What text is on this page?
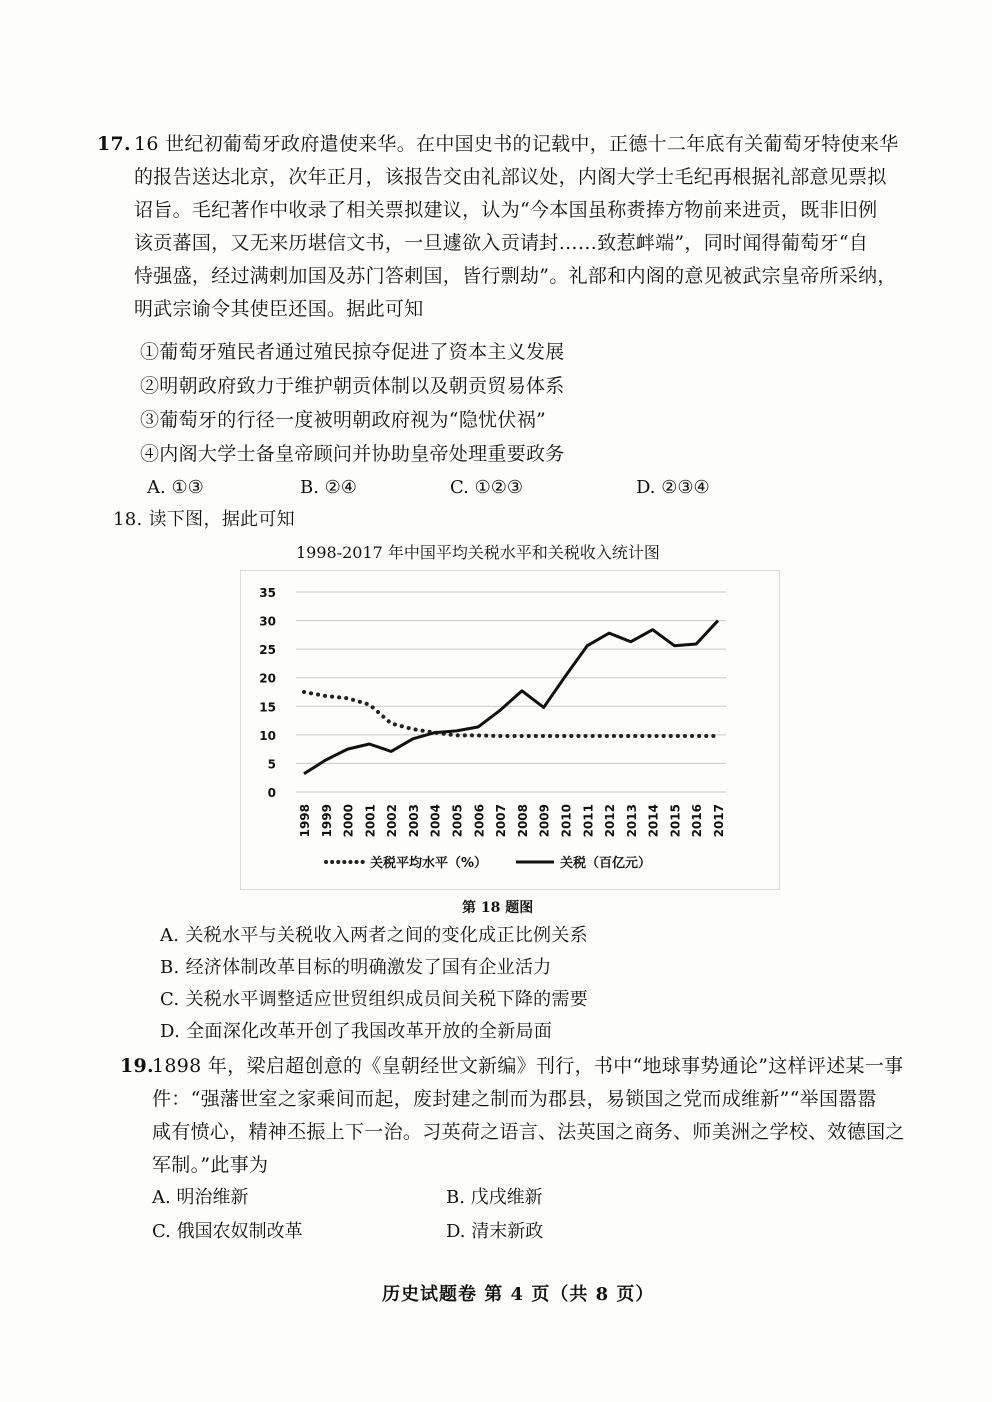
17. 16 世纪初葡萄牙政府遣使来华。在中国史书的记载中，正德十二年底有关葡萄牙特使来华
的报告送达北京，次年正月，该报告交由礼部议处，内阁大学士毛纪再根据礼部意见票拟
诏旨。毛纪著作中收录了相关票拟建议，认为“今本国虽称赉捧方物前来进贡，既非旧例
该贡蕃国，又无来历堪信文书，一旦遽欲入贡请封……致惹衅端”，同时闻得葡萄牙“自
恃强盛，经过满剌加国及苏门答剌国，皆行剽劫”。礼部和内阁的意见被武宗皇帝所采纳，
明武宗谕令其使臣还国。据此可知
①葡萄牙殖民者通过殖民掠夺促进了资本主义发展
②明朝政府致力于维护朝贡体制以及朝贡贸易体系
③葡萄牙的行径一度被明朝政府视为“隐忧伏祸”
④内阁大学士备皇帝顾问并协助皇帝处理重要政务
A. ①③	B. ②④	C. ①②③	D. ②③④
18. 读下图，据此可知
1998-2017 年中国平均关税水平和关税收入统计图
0
5
10
15
20
25
30
35
1998 1999 2000 2001 2002 2003 2004 2005 2006 2007 2008 2009 2010 2011 2012 2013 2014 2015 2016 2017
关税平均水平（%）	关税（百亿元）
第 18 题图
A. 关税水平与关税收入两者之间的变化成正比例关系
B. 经济体制改革目标的明确激发了国有企业活力
C. 关税水平调整适应世贸组织成员间关税下降的需要
D. 全面深化改革开创了我国改革开放的全新局面
19.
1898 年，梁启超创意的《皇朝经世文新编》刊行，书中“地球事势通论”这样评述某一事
件：“强藩世室之家乘间而起，废封建之制而为郡县，易锁国之党而成维新”“举国嚣嚣
咸有愤心，精神丕振上下一治。习英荷之语言、法英国之商务、师美洲之学校、效德国之
军制。”此事为
A. 明治维新	B. 戊戌维新
C. 俄国农奴制改革	D. 清末新政
历史试题卷 第 4 页（共 8 页）
